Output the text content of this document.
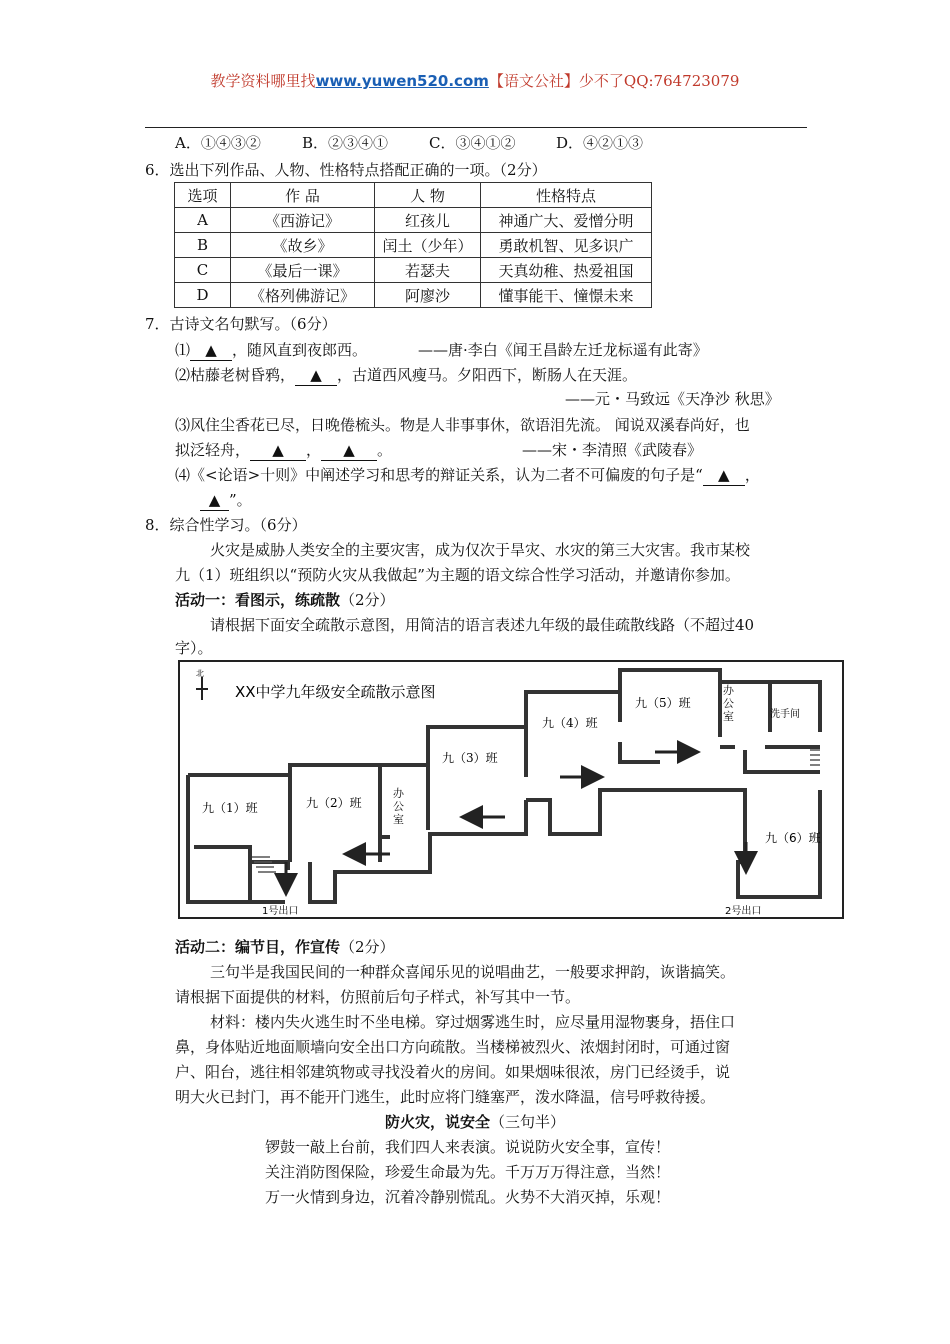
教学资料哪里找www.yuwen520.com【语文公社】少不了QQ:764723079
A．①④③②	B．②③④①	C．③④①②	D．④②①③
6．选出下列作品、人物、性格特点搭配正确的一项。（2分）
选项	作 品	人 物	性格特点
A	《西游记》	红孩儿	神通广大、爱憎分明
B	《故乡》	闰土（少年）	勇敢机智、见多识广
C	《最后一课》	若瑟夫	天真幼稚、热爱祖国
D	《格列佛游记》	阿廖沙	懂事能干、憧憬未来
7．古诗文名句默写。（6分）
⑴ ▲ ，随风直到夜郎西。	——唐·李白《闻王昌龄左迁龙标遥有此寄》
⑵枯藤老树昏鸦， ▲ ，古道西风瘦马。夕阳西下，断肠人在天涯。
——元・马致远《天净沙 秋思》
⑶风住尘香花已尽，日晚倦梳头。物是人非事事休，欲语泪先流。 闻说双溪春尚好，也
拟泛轻舟， ▲ ， ▲ 。	——宋・李清照《武陵春》
⑷《<论语>十则》中阐述学习和思考的辩证关系，认为二者不可偏废的句子是“ ▲ ，
▲ ”。
8．综合性学习。（6分）
火灾是威胁人类安全的主要灾害，成为仅次于旱灾、水灾的第三大灾害。我市某校
九（1）班组织以“预防火灾从我做起”为主题的语文综合性学习活动，并邀请你参加。
活动一：看图示，练疏散（2分）
请根据下面安全疏散示意图，用简洁的语言表述九年级的最佳疏散线路（不超过40
字）。
北
XX中学九年级安全疏散示意图
九（1）班	九（2）班
九（3）班
九（4）班
九（5）班
洗手间
九（6）班
1号出口	2号出口
办公室
办公室
活动二：编节目，作宣传（2分）
三句半是我国民间的一种群众喜闻乐见的说唱曲艺，一般要求押韵，诙谐搞笑。
请根据下面提供的材料，仿照前后句子样式，补写其中一节。
材料：楼内失火逃生时不坐电梯。穿过烟雾逃生时，应尽量用湿物裹身，捂住口
鼻，身体贴近地面顺墙向安全出口方向疏散。当楼梯被烈火、浓烟封闭时，可通过窗
户、阳台，逃往相邻建筑物或寻找没着火的房间。如果烟味很浓，房门已经烫手，说
明大火已封门，再不能开门逃生，此时应将门缝塞严，泼水降温，信号呼救待援。
防火灾，说安全（三句半）
锣鼓一敲上台前，我们四人来表演。说说防火安全事，宣传！
关注消防图保险，珍爱生命最为先。千万万万得注意，当然！
万一火情到身边，沉着冷静别慌乱。火势不大消灭掉，乐观！
